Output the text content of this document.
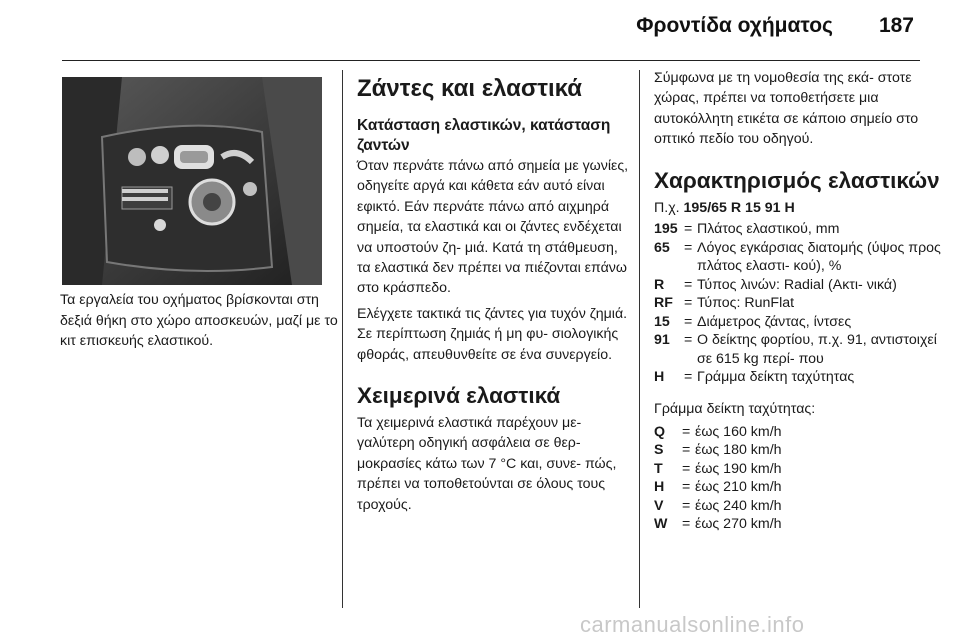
Φροντίδα οχήματος 187
Τα εργαλεία του οχήματος βρίσκονται στη δεξιά θήκη στο χώρο αποσκευών, μαζί με το κιτ επισκευής ελαστικού.
Ζάντες και ελαστικά
Κατάσταση ελαστικών, κατάσταση ζαντών

Όταν περνάτε πάνω από σημεία με γωνίες, οδηγείτε αργά και κάθετα εάν αυτό είναι εφικτό. Εάν περνάτε πάνω από αιχμηρά σημεία, τα ελαστικά και οι ζάντες ενδέχεται να υποστούν ζη- μιά. Κατά τη στάθμευση, τα ελαστικά δεν πρέπει να πιέζονται επάνω στο κράσπεδο.

Ελέγχετε τακτικά τις ζάντες για τυχόν ζημιά. Σε περίπτωση ζημιάς ή μη φυ- σιολογικής φθοράς, απευθυνθείτε σε ένα συνεργείο.

Χειμερινά ελαστικά

Τα χειμερινά ελαστικά παρέχουν με- γαλύτερη οδηγική ασφάλεια σε θερ- μοκρασίες κάτω των 7 °C και, συνε- πώς, πρέπει να τοποθετούνται σε όλους τους τροχούς.

Σύμφωνα με τη νομοθεσία της εκά- στοτε χώρας, πρέπει να τοποθετήσετε μια αυτοκόλλητη ετικέτα σε κάποιο σημείο στο οπτικό πεδίο του οδηγού.

Χαρακτηρισμός ελαστικών

Π.χ. 195/65 R 15 91 H

195 = Πλάτος ελαστικού, mm
65	= Λόγος εγκάρσιας διατομής (ύψος προς πλάτος ελαστι- κού), %
R	= Τύπος λινών: Radial (Ακτι- νικά)
RF = Τύπος: RunFlat
15	= Διάμετρος ζάντας, ίντσες
91	= Ο δείκτης φορτίου, π.χ. 91, αντιστοιχεί σε 615 kg περί- που
H	= Γράμμα δείκτη ταχύτητας

Γράμμα δείκτη ταχύτητας:

Q	= έως 160 km/h
S	= έως 180 km/h
T	= έως 190 km/h
H	= έως 210 km/h
V	= έως 240 km/h
W	= έως 270 km/h
carmanualsonline.info
